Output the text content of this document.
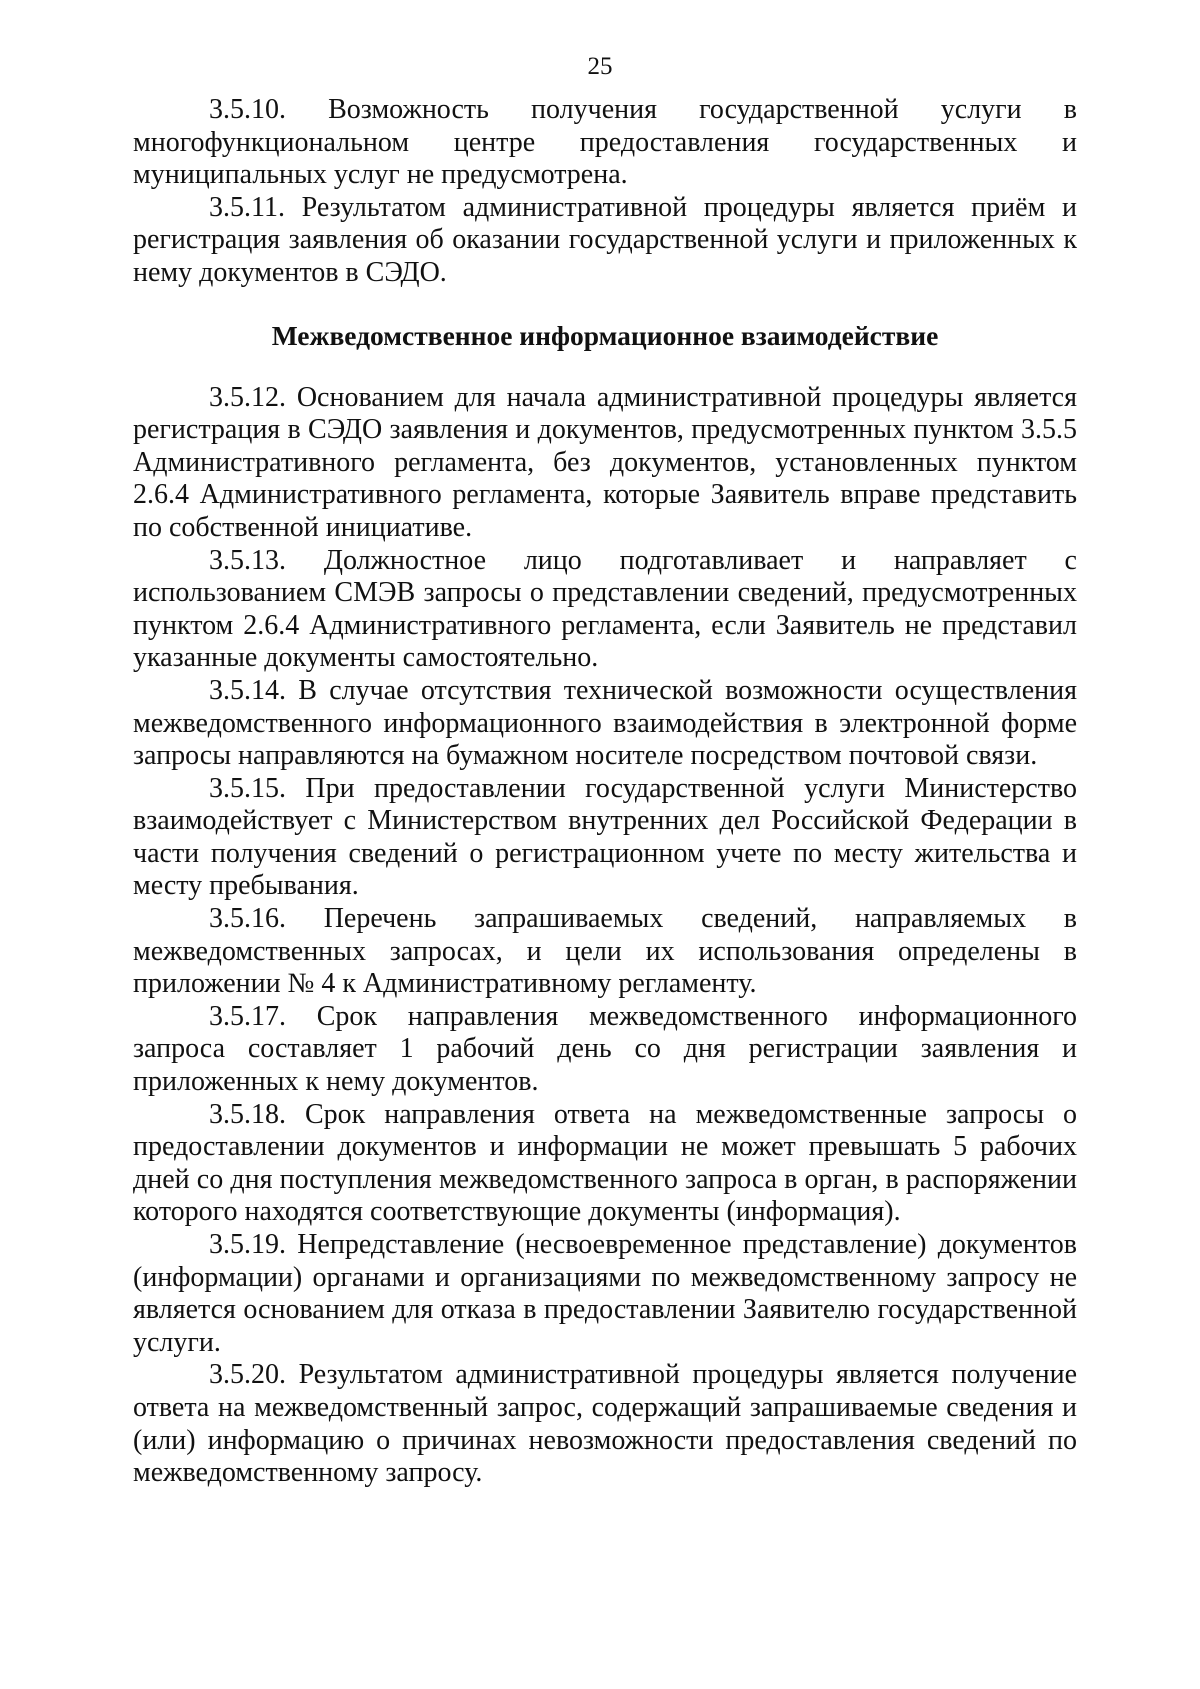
25

3.5.10. Возможность получения государственной услуги в многофункциональном центре предоставления государственных и муниципальных услуг не предусмотрена.

3.5.11. Результатом административной процедуры является приём и регистрация заявления об оказании государственной услуги и приложенных к нему документов в СЭДО.

Межведомственное информационное взаимодействие

3.5.12. Основанием для начала административной процедуры является регистрация в СЭДО заявления и документов, предусмотренных пунктом 3.5.5 Административного регламента, без документов, установленных пунктом 2.6.4 Административного регламента, которые Заявитель вправе представить по собственной инициативе.

3.5.13. Должностное лицо подготавливает и направляет с использованием СМЭВ запросы о представлении сведений, предусмотренных пунктом 2.6.4 Административного регламента, если Заявитель не представил указанные документы самостоятельно.

3.5.14. В случае отсутствия технической возможности осуществления межведомственного информационного взаимодействия в электронной форме запросы направляются на бумажном носителе посредством почтовой связи.

3.5.15. При предоставлении государственной услуги Министерство взаимодействует с Министерством внутренних дел Российской Федерации в части получения сведений о регистрационном учете по месту жительства и месту пребывания.

3.5.16. Перечень запрашиваемых сведений, направляемых в межведомственных запросах, и цели их использования определены в приложении № 4 к Административному регламенту.

3.5.17. Срок направления межведомственного информационного запроса составляет 1 рабочий день со дня регистрации заявления и приложенных к нему документов.

3.5.18. Срок направления ответа на межведомственные запросы о предоставлении документов и информации не может превышать 5 рабочих дней со дня поступления межведомственного запроса в орган, в распоряжении которого находятся соответствующие документы (информация).

3.5.19. Непредставление (несвоевременное представление) документов (информации) органами и организациями по межведомственному запросу не является основанием для отказа в предоставлении Заявителю государственной услуги.

3.5.20. Результатом административной процедуры является получение ответа на межведомственный запрос, содержащий запрашиваемые сведения и (или) информацию о причинах невозможности предоставления сведений по межведомственному запросу.
